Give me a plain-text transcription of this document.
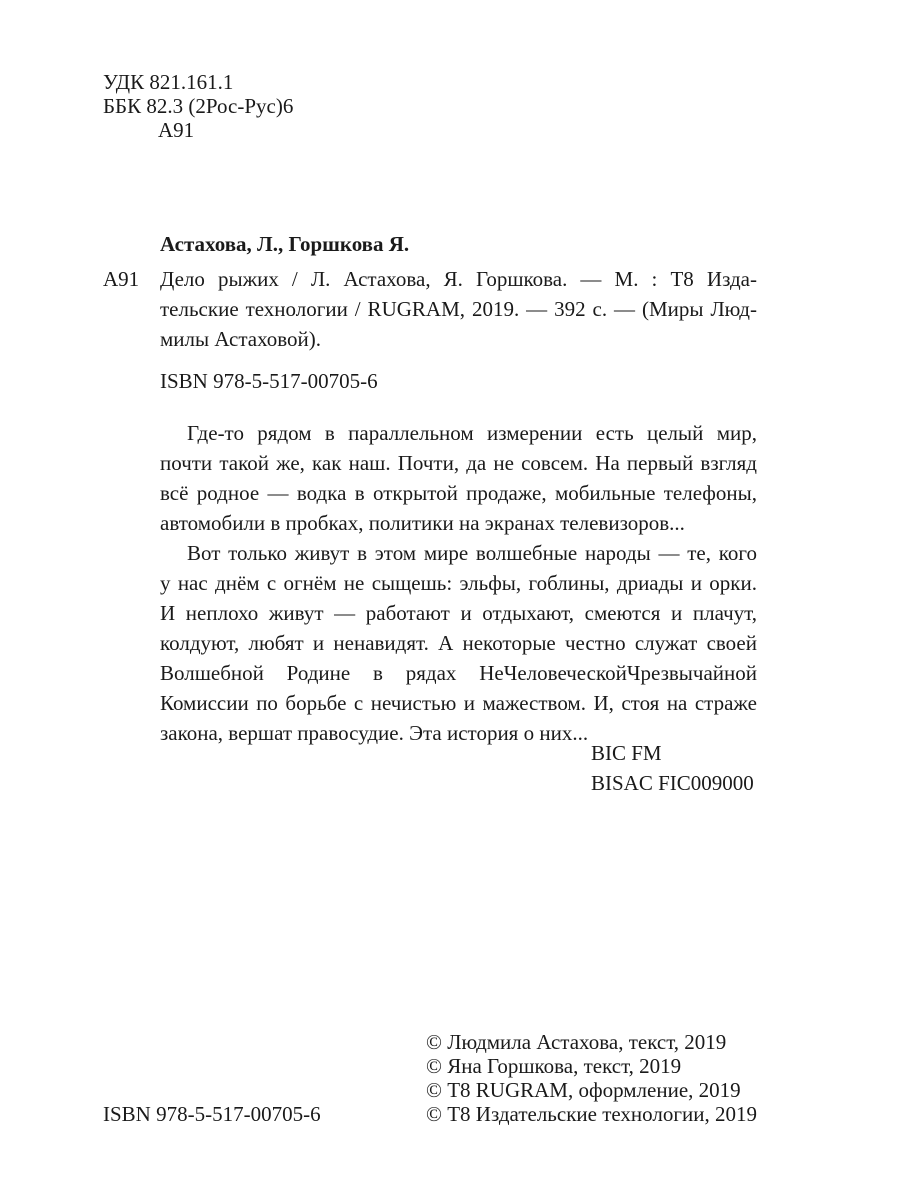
УДК 821.161.1
ББК 82.3 (2Рос-Рус)6
А91
Астахова, Л., Горшкова Я.
А91 Дело рыжих / Л. Астахова, Я. Горшкова. — М. : Т8 Изда-
тельские технологии / RUGRAM, 2019. — 392 с. — (Миры Люд-
милы Астаховой).
ISBN 978-5-517-00705-6
Где-то рядом в параллельном измерении есть целый мир,
почти такой же, как наш. Почти, да не совсем. На первый взгляд
всё родное — водка в открытой продаже, мобильные телефоны,
автомобили в пробках, политики на экранах телевизоров...
Вот только живут в этом мире волшебные народы — те, кого
у нас днём с огнём не сыщешь: эльфы, гоблины, дриады и орки.
И неплохо живут — работают и отдыхают, смеются и плачут,
колдуют, любят и ненавидят. А некоторые честно служат своей
Волшебной Родине в рядах НеЧеловеческойЧрезвычайной
Комиссии по борьбе с нечистью и мажеством. И, стоя на страже
закона, вершат правосудие. Эта история о них...
BIC FM
BISAC FIC009000
© Людмила Астахова, текст, 2019
© Яна Горшкова, текст, 2019
© Т8 RUGRAM, оформление, 2019
© Т8 Издательские технологии, 2019
ISBN 978-5-517-00705-6
